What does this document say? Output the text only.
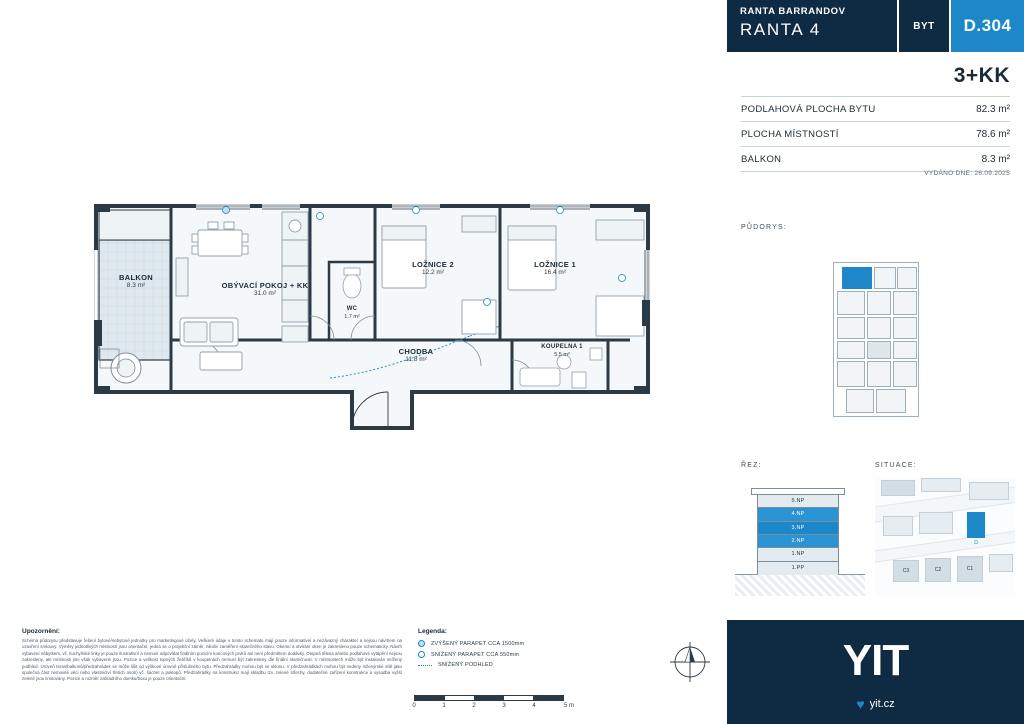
BALKON
8.3 m²	OBÝVACÍ POKOJ + KK
31.0 m²
LOŽNICE 2
12.2 m²
LOŽNICE 1
16.4 m²
WC
1.7 m²
CHODBA
11.8 m²
KOUPELNA 1
5.5 m²
RANTA BARRANDOV
RANTA 4	BYT	D.304
3+KK
PODLAHOVÁ PLOCHA BYTU	82.3 m²
PLOCHA MÍSTNOSTÍ	78.6 m²
BALKON	8.3 m²
VYDÁNO DNE: 26.09.2025
PŮDORYS:
ŘEZ:	SITUACE:
5.NP
4.NP
3.NP
2.NP
1.NP
1.PP
D
C3	C2	C1
YIT
♥ yit.cz
Upozornění:

Schéma půdorysu představuje řešení bytové/nebytové jednotky pro marketingové účely. Veškeré údaje v tomto schematu mají pouze informativní a nezávazný charakter a nejsou návrhem na uzavření smlouvy. Výměry jednotlivých místností jsou orientační, jedná se o projekční záměr, nikoliv zaměření skutečného stavu. Okenní a otvírání oken je zakresleno pouze schematicky. Návrh vybavení nábytkem, vč. kuchyňské linky je pouze ilustrativní a nemusí odpovídat finálním pozicím koncových prvků ani není předmětem dodávky. Otopná tělesa a/nebo podlahové vytápění nejsou zakresleny, ale místnosti jimi však vybavené jsou. Pozice a velikost topných žebříků v koupelnách nemusí být zakresleny dle finální skutečnosti. V místnostech může být instalován snížený podhled. Úroveň teras/balkonů/předzahrádek se může lišit od výškové úrovně příslušného bytu. Předzahrádky mohou být ve sklonu. V předzahrádkách mohou být vedeny inženýrské sítě jako společná část nemovité věci nebo vlastnictví třetích osob) vč. šachet a poklopů. Předzahrádky na konstrukci mají skladbu tzv. zelené střechy, dodatečné zařízení konstrukce a vysadba vyšší zeleně jsou limitovány. Pozice a rozměr zahradního domku/boxu je pouze orientační.

Legenda:
ZVÝŠENÝ PARAPET CCA 1500mm
SNÍŽENÝ PARAPET CCA 550mm
SNÍŽENÝ PODHLED
0	1	2	3	4	5 m
